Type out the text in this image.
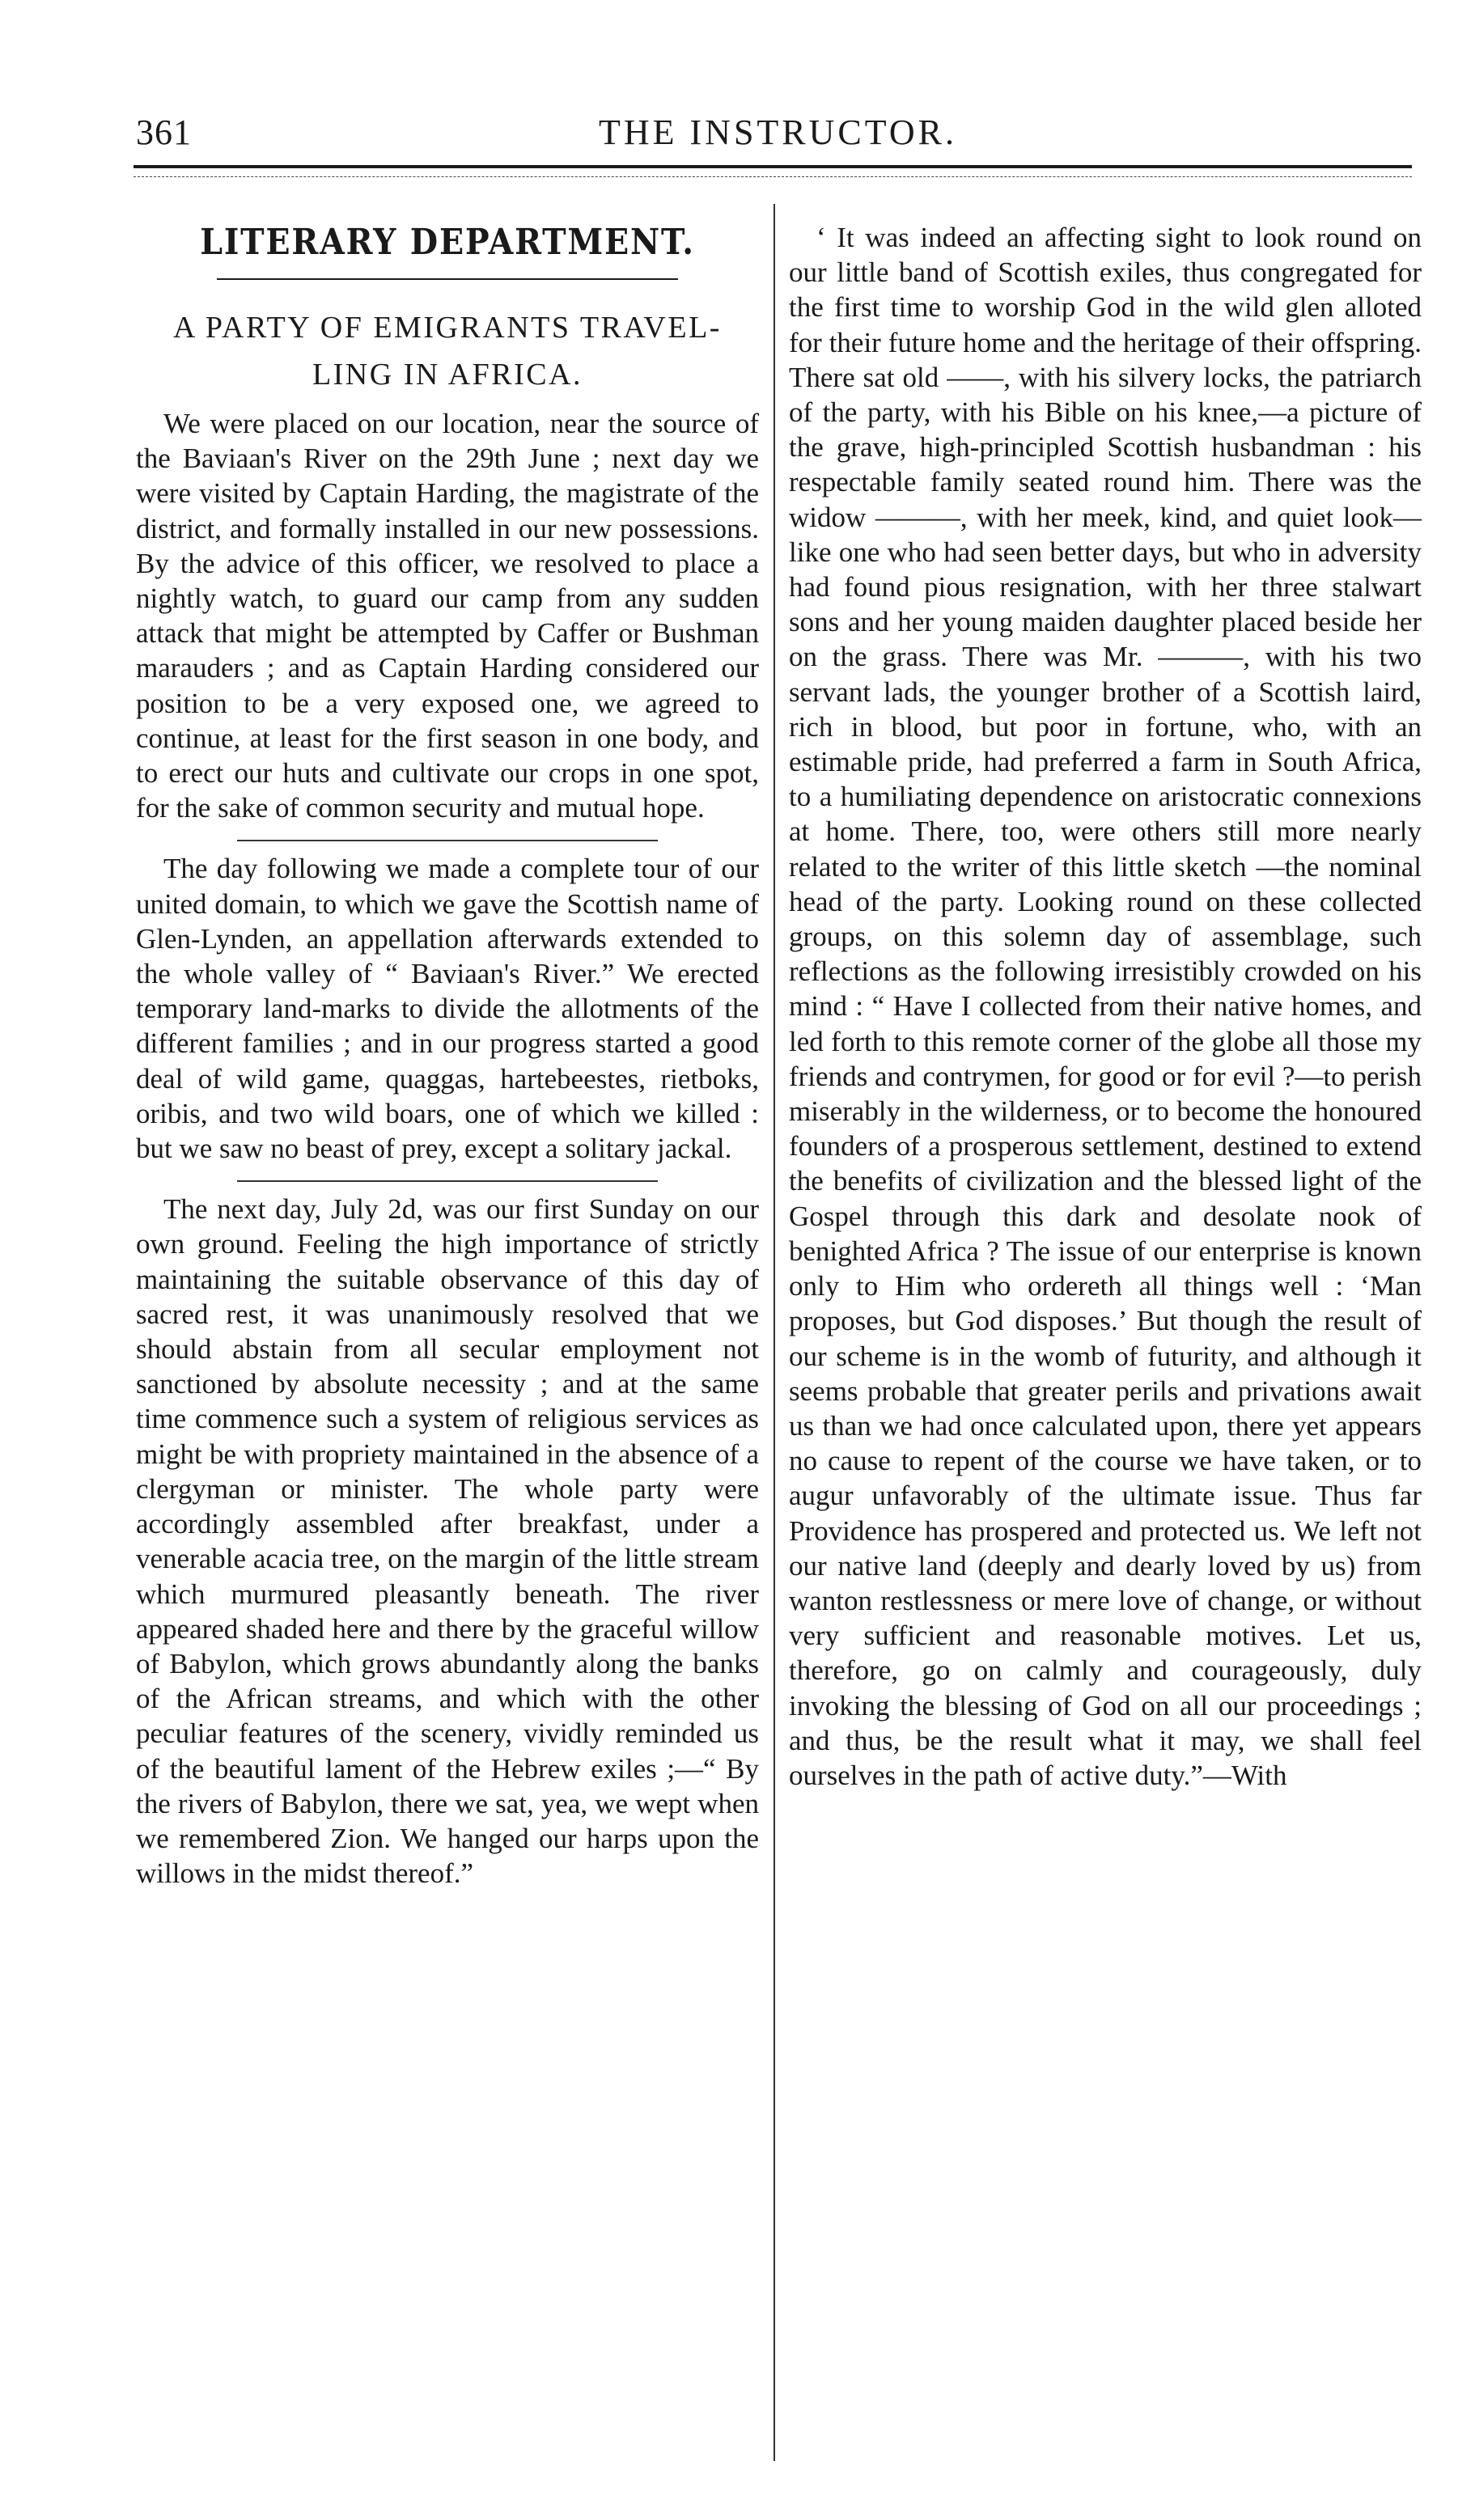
361	THE INSTRUCTOR.
LITERARY DEPARTMENT.
A PARTY OF EMIGRANTS TRAVEL-
LING IN AFRICA.

We were placed on our location, near the source of the Baviaan's River on the 29th June ; next day we were visited by Captain Harding, the magistrate of the district, and formally installed in our new possessions. By the advice of this officer, we resolved to place a nightly watch, to guard our camp from any sudden attack that might be attempted by Caffer or Bushman marauders ; and as Captain Harding considered our position to be a very exposed one, we agreed to continue, at least for the first season in one body, and to erect our huts and cultivate our crops in one spot, for the sake of common security and mutual hope.

The day following we made a complete tour of our united domain, to which we gave the Scottish name of Glen-Lynden, an appellation afterwards extended to the whole valley of “ Baviaan's River.” We erected temporary land-marks to divide the allotments of the different families ; and in our progress started a good deal of wild game, quaggas, hartebeestes, rietboks, oribis, and two wild boars, one of which we killed : but we saw no beast of prey, except a solitary jackal.

The next day, July 2d, was our first Sunday on our own ground. Feeling the high importance of strictly maintaining the suitable observance of this day of sacred rest, it was unanimously resolved that we should abstain from all secular employment not sanctioned by absolute necessity ; and at the same time commence such a system of religious services as might be with propriety maintained in the absence of a clergyman or minister. The whole party were accordingly assembled after breakfast, under a venerable acacia tree, on the margin of the little stream which murmured pleasantly beneath. The river appeared shaded here and there by the graceful willow of Babylon, which grows abundantly along the banks of the African streams, and which with the other peculiar features of the scenery, vividly reminded us of the beautiful lament of the Hebrew exiles ;—“ By the rivers of Babylon, there we sat, yea, we wept when we remembered Zion. We hanged our harps upon the willows in the midst thereof.”

‘ It was indeed an affecting sight to look round on our little band of Scottish exiles, thus congregated for the first time to worship God in the wild glen alloted for their future home and the heritage of their offspring. There sat old ——, with his silvery locks, the patriarch of the party, with his Bible on his knee,—a picture of the grave, high-principled Scottish husbandman : his respectable family seated round him. There was the widow ———, with her meek, kind, and quiet look—like one who had seen better days, but who in adversity had found pious resignation, with her three stalwart sons and her young maiden daughter placed beside her on the grass. There was Mr. ———, with his two servant lads, the younger brother of a Scottish laird, rich in blood, but poor in fortune, who, with an estimable pride, had preferred a farm in South Africa, to a humiliating dependence on aristocratic connexions at home. There, too, were others still more nearly related to the writer of this little sketch —the nominal head of the party. Looking round on these collected groups, on this solemn day of assemblage, such reflections as the following irresistibly crowded on his mind : “ Have I collected from their native homes, and led forth to this remote corner of the globe all those my friends and contrymen, for good or for evil ?—to perish miserably in the wilderness, or to become the honoured founders of a prosperous settlement, destined to extend the benefits of civilization and the blessed light of the Gospel through this dark and desolate nook of benighted Africa ? The issue of our enterprise is known only to Him who ordereth all things well : ‘Man proposes, but God disposes.’ But though the result of our scheme is in the womb of futurity, and although it seems probable that greater perils and privations await us than we had once calculated upon, there yet appears no cause to repent of the course we have taken, or to augur unfavorably of the ultimate issue. Thus far Providence has prospered and protected us. We left not our native land (deeply and dearly loved by us) from wanton restlessness or mere love of change, or without very sufficient and reasonable motives. Let us, therefore, go on calmly and courageously, duly invoking the blessing of God on all our proceedings ; and thus, be the result what it may, we shall feel ourselves in the path of active duty.”—With
